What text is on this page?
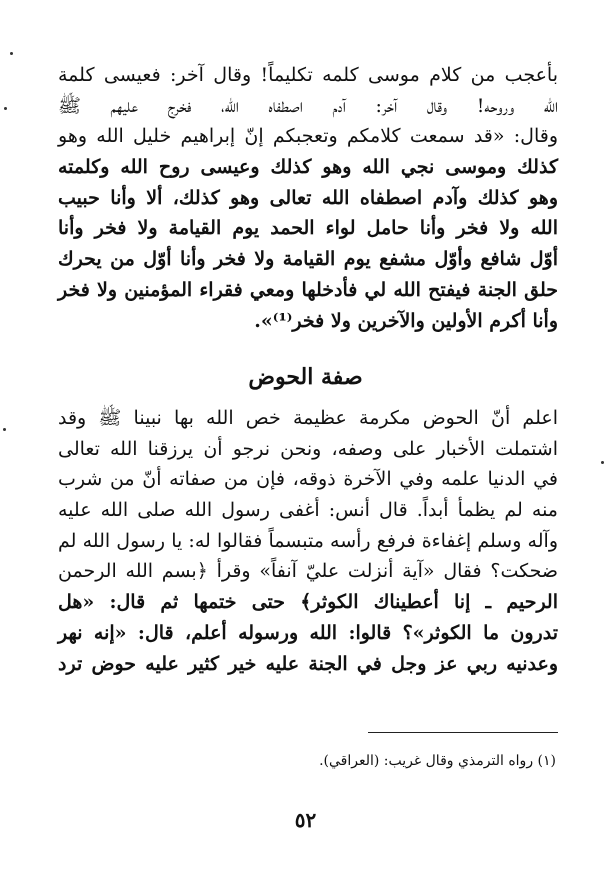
بأعجب من كلام موسى كلمه تكليماً! وقال آخر: فعيسى كلمة
الله وروحه! وقال آخر: آدم اصطفاه الله، فخرج عليهم ﷺ
وقال: «قد سمعت كلامكم وتعجبكم إنّ إبراهيم خليل الله وهو
كذلك وموسى نجي الله وهو كذلك وعيسى روح الله وكلمته
وهو كذلك وآدم اصطفاه الله تعالى وهو كذلك، ألا وأنا حبيب
الله ولا فخر وأنا حامل لواء الحمد يوم القيامة ولا فخر وأنا
أوّل شافع وأوّل مشفع يوم القيامة ولا فخر وأنا أوّل من يحرك
حلق الجنة فيفتح الله لي فأدخلها ومعي فقراء المؤمنين ولا فخر
وأنا أكرم الأولين والآخرين ولا فخر⁽¹⁾».
صفة الحوض
اعلم أنّ الحوض مكرمة عظيمة خص الله بها نبينا ﷺ وقد
اشتملت الأخبار على وصفه، ونحن نرجو أن يرزقنا الله تعالى
في الدنيا علمه وفي الآخرة ذوقه، فإن من صفاته أنّ من شرب
منه لم يظمأ أبداً. قال أنس: أغفى رسول الله صلى الله عليه
وآله وسلم إغفاءة فرفع رأسه متبسماً فقالوا له: يا رسول الله لم
ضحكت؟ فقال «آية أنزلت عليّ آنفاً» وقرأ ﴿بسم الله الرحمن
الرحيم ـ إنا أعطيناك الكوثر﴾ حتى ختمها ثم قال: «هل
تدرون ما الكوثر»؟ قالوا: الله ورسوله أعلم، قال: «إنه نهر
وعدنيه ربي عز وجل في الجنة عليه خير كثير عليه حوض ترد
(١) رواه الترمذي وقال غريب: (العراقي).
٥٢
